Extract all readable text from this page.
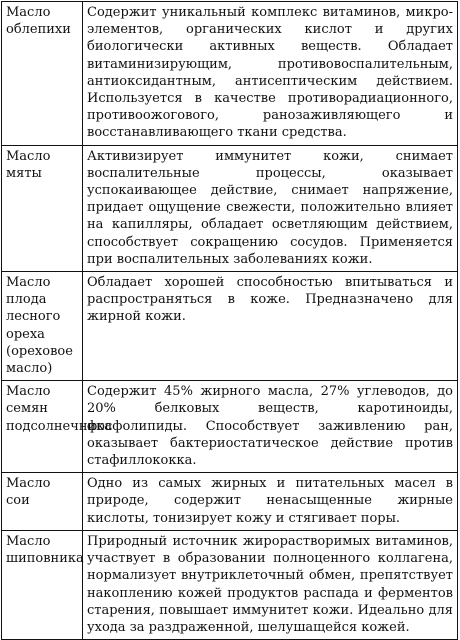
Масло облепихи	Содержит уникальный комплекс витаминов, микро-элементов, органических кислот и других биологически активных веществ. Обладает витаминизирующим, противовоспалительным, антиоксидантным, антисептическим действием. Используется в качестве противорадиационного, противоожогового, ранозаживляющего и восстанавливающего ткани средства.
Масло мяты	Активизирует иммунитет кожи, снимает воспалительные процессы, оказывает успокаивающее действие, снимает напряжение, придает ощущение свежести, положительно влияет на капилляры, обладает осветляющим действием, способствует сокращению сосудов. Применяется при воспалительных заболеваниях кожи.
Масло плода лесного ореха (ореховое масло)	Обладает хорошей способностью впитываться и распространяться в коже. Предназначено для жирной кожи.
Масло семян подсолнечника	Содержит 45% жирного масла, 27% углеводов, до 20% белковых веществ, каротиноиды, фосфолипиды. Способствует заживлению ран, оказывает бактериостатическое действие против стафиллококка.
Масло сои	Одно из самых жирных и питательных масел в природе, содержит ненасыщенные жирные кислоты, тонизирует кожу и стягивает поры.
Масло шиповника	Природный источник жирорастворимых витаминов, участвует в образовании полноценного коллагена, нормализует внутриклеточный обмен, препятствует накоплению кожей продуктов распада и ферментов старения, повышает иммунитет кожи. Идеально для ухода за раздраженной, шелушащейся кожей.
